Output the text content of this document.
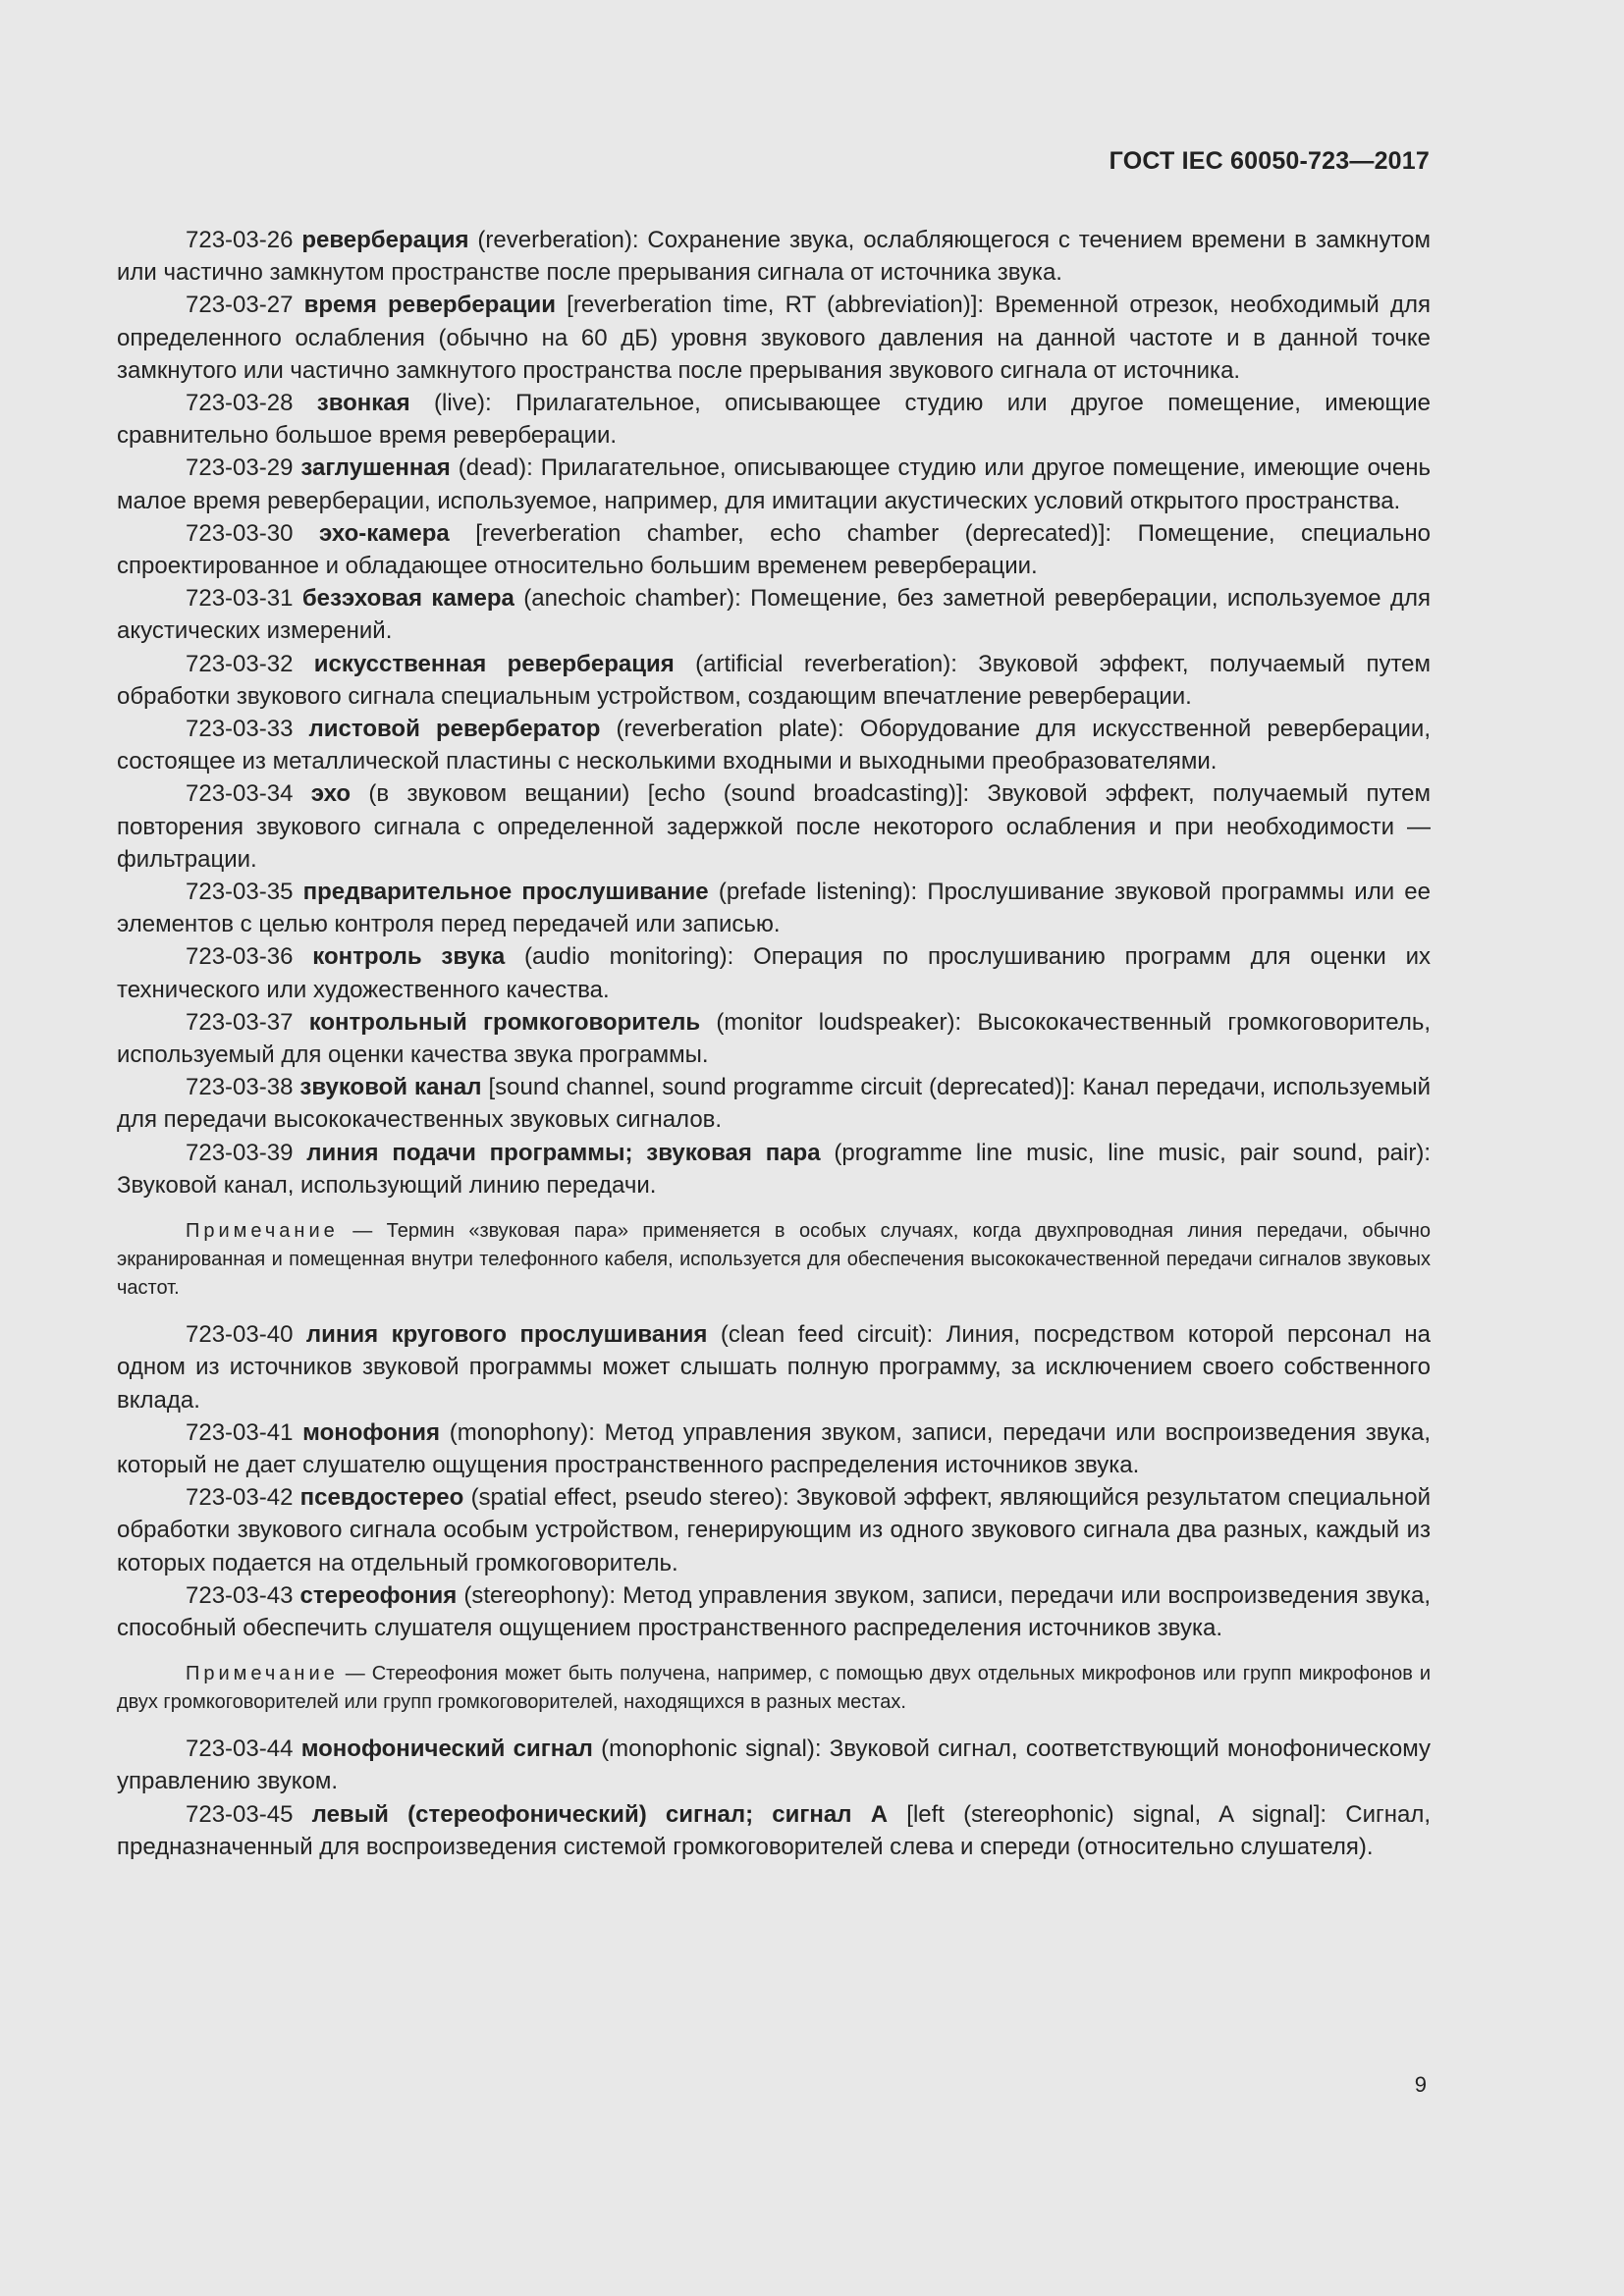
ГОСТ IEC 60050-723—2017

723-03-26 реверберация (reverberation): Сохранение звука, ослабляющегося с течением времени в замкнутом или частично замкнутом пространстве после прерывания сигнала от источника звука.

723-03-27 время реверберации [reverberation time, RT (abbreviation)]: Временной отрезок, необходимый для определенного ослабления (обычно на 60 дБ) уровня звукового давления на данной частоте и в данной точке замкнутого или частично замкнутого пространства после прерывания звукового сигнала от источника.

723-03-28 звонкая (live): Прилагательное, описывающее студию или другое помещение, имеющие сравнительно большое время реверберации.

723-03-29 заглушенная (dead): Прилагательное, описывающее студию или другое помещение, имеющие очень малое время реверберации, используемое, например, для имитации акустических условий открытого пространства.

723-03-30 эхо-камера [reverberation chamber, echo chamber (deprecated)]: Помещение, специально спроектированное и обладающее относительно большим временем реверберации.

723-03-31 безэховая камера (anechoic chamber): Помещение, без заметной реверберации, используемое для акустических измерений.

723-03-32 искусственная реверберация (artificial reverberation): Звуковой эффект, получаемый путем обработки звукового сигнала специальным устройством, создающим впечатление реверберации.

723-03-33 листовой ревербератор (reverberation plate): Оборудование для искусственной реверберации, состоящее из металлической пластины с несколькими входными и выходными преобразователями.

723-03-34 эхо (в звуковом вещании) [echo (sound broadcasting)]: Звуковой эффект, получаемый путем повторения звукового сигнала с определенной задержкой после некоторого ослабления и при необходимости — фильтрации.

723-03-35 предварительное прослушивание (prefade listening): Прослушивание звуковой программы или ее элементов с целью контроля перед передачей или записью.

723-03-36 контроль звука (audio monitoring): Операция по прослушиванию программ для оценки их технического или художественного качества.

723-03-37 контрольный громкоговоритель (monitor loudspeaker): Высококачественный громкоговоритель, используемый для оценки качества звука программы.

723-03-38 звуковой канал [sound channel, sound programme circuit (deprecated)]: Канал передачи, используемый для передачи высококачественных звуковых сигналов.

723-03-39 линия подачи программы; звуковая пара (programme line music, line music, pair sound, pair): Звуковой канал, использующий линию передачи.

Примечание — Термин «звуковая пара» применяется в особых случаях, когда двухпроводная линия передачи, обычно экранированная и помещенная внутри телефонного кабеля, используется для обеспечения высококачественной передачи сигналов звуковых частот.

723-03-40 линия кругового прослушивания (clean feed circuit): Линия, посредством которой персонал на одном из источников звуковой программы может слышать полную программу, за исключением своего собственного вклада.

723-03-41 монофония (monophony): Метод управления звуком, записи, передачи или воспроизведения звука, который не дает слушателю ощущения пространственного распределения источников звука.

723-03-42 псевдостерео (spatial effect, pseudo stereo): Звуковой эффект, являющийся результатом специальной обработки звукового сигнала особым устройством, генерирующим из одного звукового сигнала два разных, каждый из которых подается на отдельный громкоговоритель.

723-03-43 стереофония (stereophony): Метод управления звуком, записи, передачи или воспроизведения звука, способный обеспечить слушателя ощущением пространственного распределения источников звука.

Примечание — Стереофония может быть получена, например, с помощью двух отдельных микрофонов или групп микрофонов и двух громкоговорителей или групп громкоговорителей, находящихся в разных местах.

723-03-44 монофонический сигнал (monophonic signal): Звуковой сигнал, соответствующий монофоническому управлению звуком.

723-03-45 левый (стереофонический) сигнал; сигнал А [left (stereophonic) signal, A signal]: Сигнал, предназначенный для воспроизведения системой громкоговорителей слева и спереди (относительно слушателя).

9
